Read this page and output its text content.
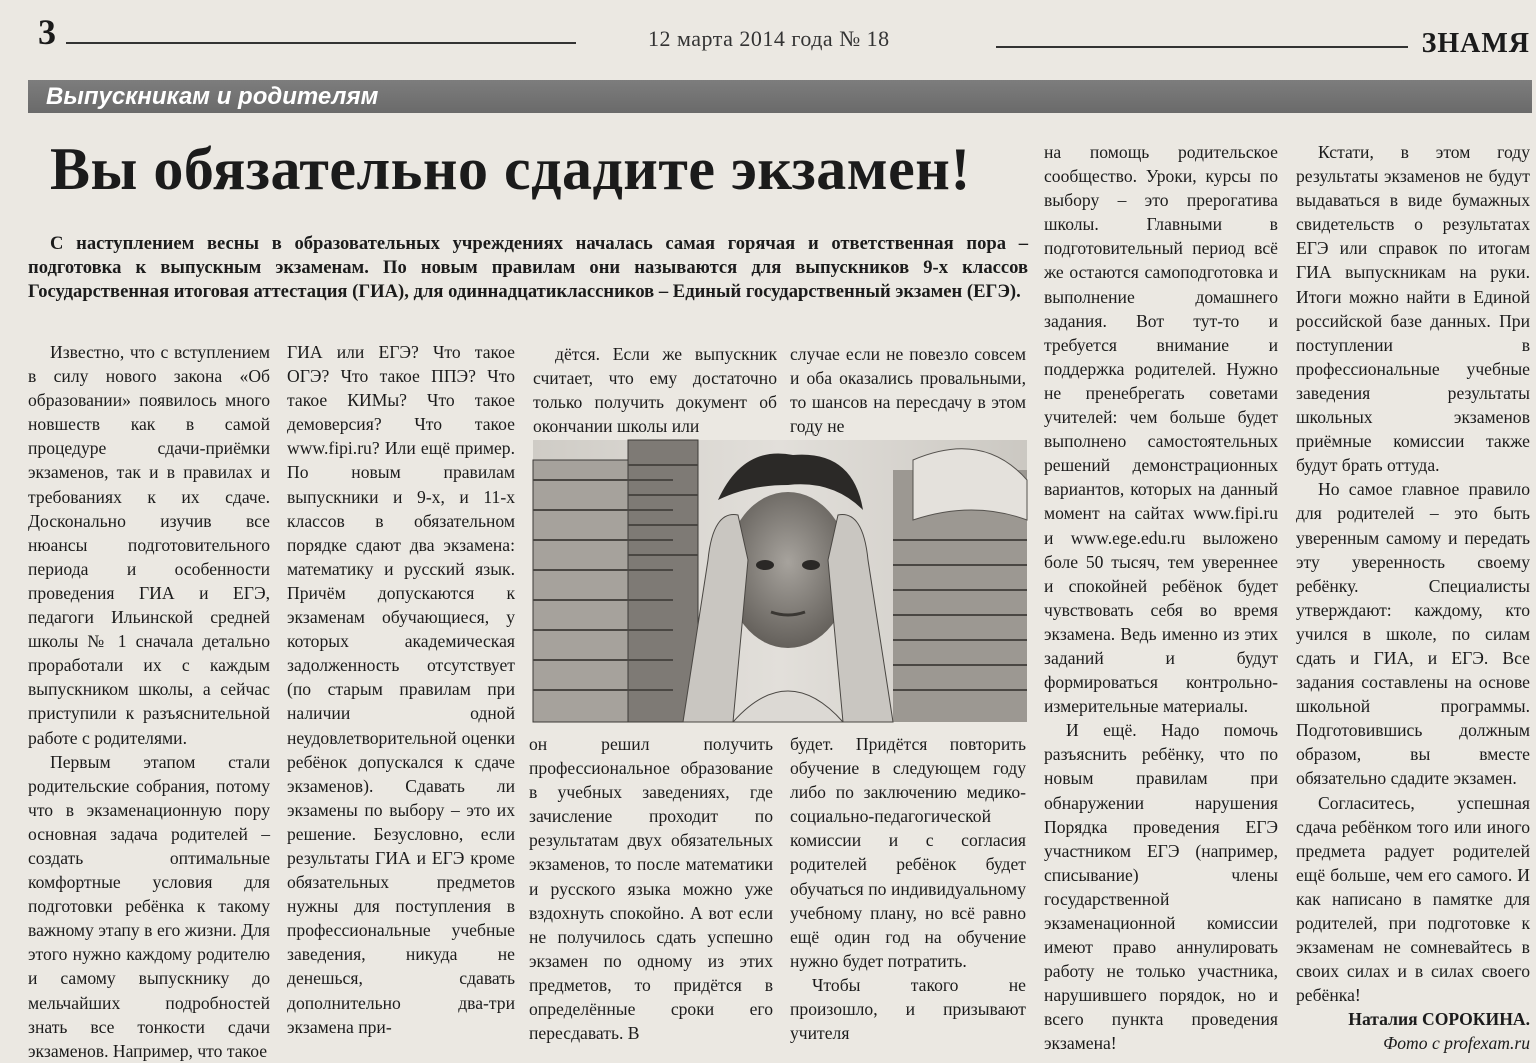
3	12 марта 2014 года № 18	ЗНАМЯ
Выпускникам и родителям
Вы обязательно сдадите экзамен!
С наступлением весны в образовательных учреждениях началась самая горячая и ответственная пора – подготовка к выпускным экзаменам. По новым правилам они называются для выпускников 9-х классов Государственная итоговая аттестация (ГИА), для одиннадцатиклассников – Единый государственный экзамен (ЕГЭ).

Известно, что с вступлением в силу нового закона «Об образовании» появилось много новшеств как в самой процедуре сдачи-приёмки экзаменов, так и в правилах и требованиях к их сдаче. Досконально изучив все нюансы подготовительного периода и особенности проведения ГИА и ЕГЭ, педагоги Ильинской средней школы № 1 сначала детально проработали их с каждым выпускником школы, а сейчас приступили к разъяснительной работе с родителями.

Первым этапом стали родительские собрания, потому что в экзаменационную пору основная задача родителей – создать оптимальные комфортные условия для подготовки ребёнка к такому важному этапу в его жизни. Для этого нужно каждому родителю и самому выпускнику до мельчайших подробностей знать все тонкости сдачи экзаменов. Например, что такое

ГИА или ЕГЭ? Что такое ОГЭ? Что такое ППЭ? Что такое КИМы? Что такое демоверсия? Что такое www.fipi.ru? Или ещё пример. По новым правилам выпускники и 9-х, и 11-х классов в обязательном порядке сдают два экзамена: математику и русский язык. Причём допускаются к экзаменам обучающиеся, у которых академическая задолженность отсутствует (по старым правилам при наличии одной неудовлетворительной оценки ребёнок допускался к сдаче экзаменов). Сдавать ли экзамены по выбору – это их решение. Безусловно, если результаты ГИА и ЕГЭ кроме обязательных предметов нужны для поступления в профессиональные учебные заведения, никуда не денешься, сдавать дополнительно два-три экзамена при-

дётся. Если же выпускник считает, что ему достаточно только получить документ об окончании школы или

случае если не повезло совсем и оба оказались провальными, то шансов на пересдачу в этом году не

он решил получить профессиональное образование в учебных заведениях, где зачисление проходит по результатам двух обязательных экзаменов, то после математики и русского языка можно уже вздохнуть спокойно. А вот если не получилось сдать успешно экзамен по одному из этих предметов, то придётся в определённые сроки его пересдавать. В

будет. Придётся повторить обучение в следующем году либо по заключению медико-социально-педагогической комиссии и с согласия родителей ребёнок будет обучаться по индивидуальному учебному плану, но всё равно ещё один год на обучение нужно будет потратить.

Чтобы такого не произошло, и призывают учителя

на помощь родительское сообщество. Уроки, курсы по выбору – это прерогатива школы. Главными в подготовительный период всё же остаются самоподготовка и выполнение домашнего задания. Вот тут-то и требуется внимание и поддержка родителей. Нужно не пренебрегать советами учителей: чем больше будет выполнено самостоятельных решений демонстрационных вариантов, которых на данный момент на сайтах www.fipi.ru и www.ege.edu.ru выложено боле 50 тысяч, тем увереннее и спокойней ребёнок будет чувствовать себя во время экзамена. Ведь именно из этих заданий и будут формироваться контрольно-измерительные материалы.

И ещё. Надо помочь разъяснить ребёнку, что по новым правилам при обнаружении нарушения Порядка проведения ЕГЭ участником ЕГЭ (например, списывание) члены государственной экзаменационной комиссии имеют право аннулировать работу не только участника, нарушившего порядок, но и всего пункта проведения экзамена!

Кстати, в этом году результаты экзаменов не будут выдаваться в виде бумажных свидетельств о результатах ЕГЭ или справок по итогам ГИА выпускникам на руки. Итоги можно найти в Единой российской базе данных. При поступлении в профессиональные учебные заведения результаты школьных экзаменов приёмные комиссии также будут брать оттуда.

Но самое главное правило для родителей – это быть уверенным самому и передать эту уверенность своему ребёнку. Специалисты утверждают: каждому, кто учился в школе, по силам сдать и ГИА, и ЕГЭ. Все задания составлены на основе школьной программы. Подготовившись должным образом, вы вместе обязательно сдадите экзамен.

Согласитесь, успешная сдача ребёнком того или иного предмета радует родителей ещё больше, чем его самого. И как написано в памятке для родителей, при подготовке к экзаменам не сомневайтесь в своих силах и в силах своего ребёнка!

Наталия СОРОКИНА.

Фото с profexam.ru
